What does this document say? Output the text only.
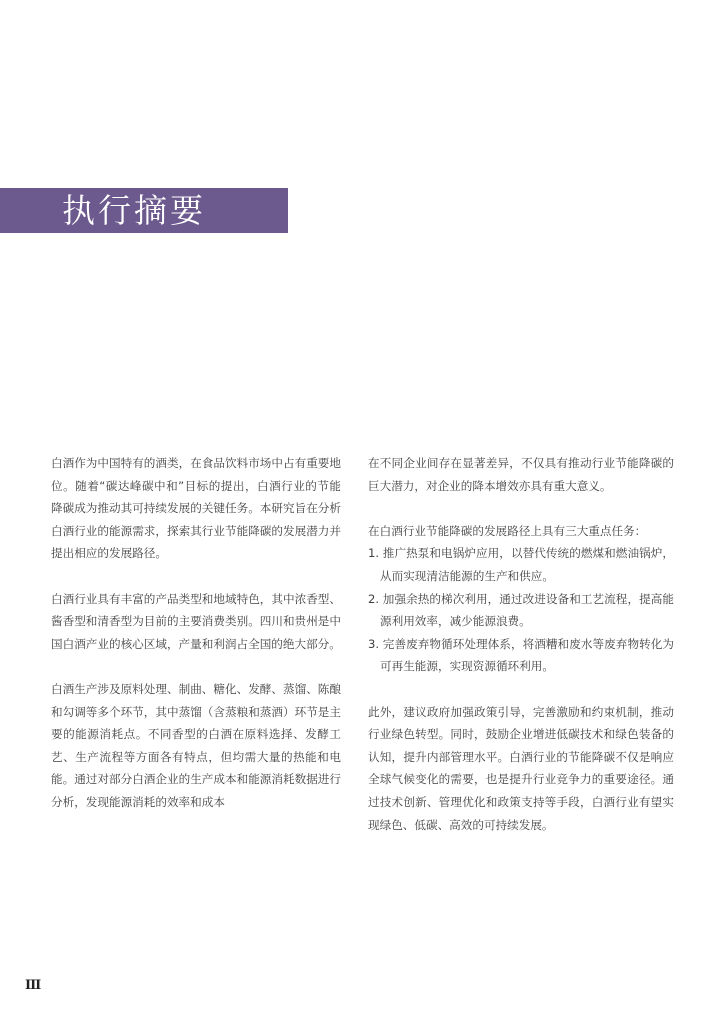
执行摘要

白酒作为中国特有的酒类，在食品饮料市场中占有重要地位。随着“碳达峰碳中和”目标的提出，白酒行业的节能降碳成为推动其可持续发展的关键任务。本研究旨在分析白酒行业的能源需求，探索其行业节能降碳的发展潜力并提出相应的发展路径。

白酒行业具有丰富的产品类型和地域特色，其中浓香型、酱香型和清香型为目前的主要消费类别。四川和贵州是中国白酒产业的核心区域，产量和利润占全国的绝大部分。

白酒生产涉及原料处理、制曲、糖化、发酵、蒸馏、陈酿和勾调等多个环节，其中蒸馏（含蒸粮和蒸酒）环节是主要的能源消耗点。不同香型的白酒在原料选择、发酵工艺、生产流程等方面各有特点，但均需大量的热能和电能。通过对部分白酒企业的生产成本和能源消耗数据进行分析，发现能源消耗的效率和成本

在不同企业间存在显著差异，不仅具有推动行业节能降碳的巨大潜力，对企业的降本增效亦具有重大意义。

在白酒行业节能降碳的发展路径上具有三大重点任务：
1. 推广热泵和电锅炉应用，以替代传统的燃煤和燃油锅炉，从而实现清洁能源的生产和供应。
2. 加强余热的梯次利用，通过改进设备和工艺流程，提高能源利用效率，减少能源浪费。
3. 完善废弃物循环处理体系，将酒糟和废水等废弃物转化为可再生能源，实现资源循环利用。

此外，建议政府加强政策引导，完善激励和约束机制，推动行业绿色转型。同时，鼓励企业增进低碳技术和绿色装备的认知，提升内部管理水平。白酒行业的节能降碳不仅是响应全球气候变化的需要，也是提升行业竞争力的重要途径。通过技术创新、管理优化和政策支持等手段，白酒行业有望实现绿色、低碳、高效的可持续发展。

III
